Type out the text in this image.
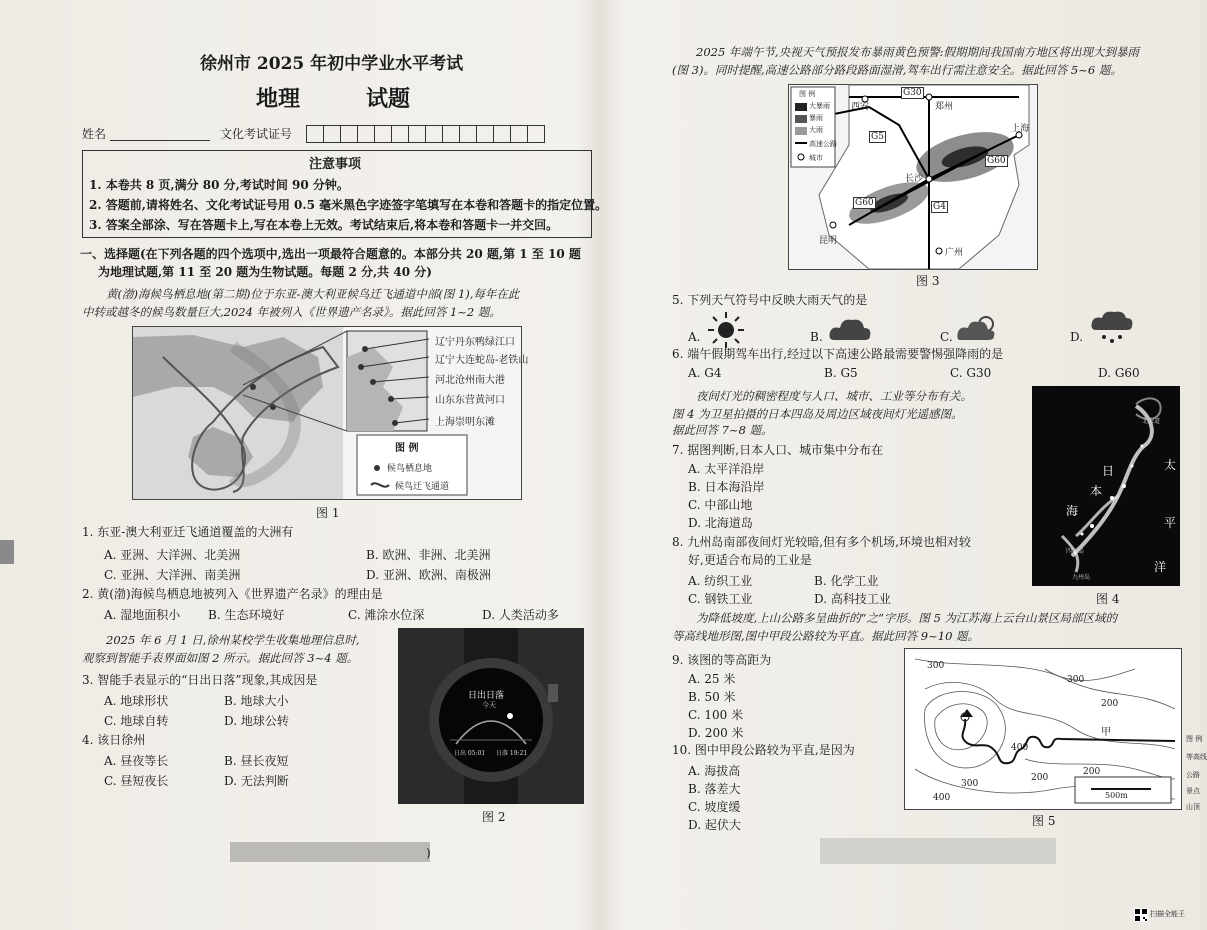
徐州市 2025 年初中学业水平考试
地理	试题
姓名	文化考试证号
注意事项
1. 本卷共 8 页,满分 80 分,考试时间 90 分钟。
2. 答题前,请将姓名、文化考试证号用 0.5 毫米黑色字迹签字笔填写在本卷和答题卡的指定位置。
3. 答案全部涂、写在答题卡上,写在本卷上无效。考试结束后,将本卷和答题卡一并交回。
一、选择题(在下列各题的四个选项中,选出一项最符合题意的。本部分共 20 题,第 1 至 10 题
为地理试题,第 11 至 20 题为生物试题。每题 2 分,共 40 分)
黄(渤)海候鸟栖息地(第二期)位于东亚-澳大利亚候鸟迁飞通道中部(图 1),每年在此
中转或越冬的候鸟数量巨大,2024 年被列入《世界遗产名录》。据此回答 1~2 题。
辽宁丹东鸭绿江口
辽宁大连蛇岛-老铁山
河北沧州南大港
山东东营黄河口
上海崇明东滩
图 例
候鸟栖息地
候鸟迁飞通道
图 1
1. 东亚-澳大利亚迁飞通道覆盖的大洲有
A. 亚洲、大洋洲、北美洲	B. 欧洲、非洲、北美洲
C. 亚洲、大洋洲、南美洲	D. 亚洲、欧洲、南极洲
2. 黄(渤)海候鸟栖息地被列入《世界遗产名录》的理由是
A. 湿地面积小 B. 生态环境好	C. 滩涂水位深	D. 人类活动多
2025 年 6 月 1 日,徐州某校学生收集地理信息时,
观察到智能手表界面如图 2 所示。据此回答 3~4 题。
日出日落
今天
日出 05:01 日落 19:21
图 2
3. 智能手表显示的“日出日落”现象,其成因是
A. 地球形状	B. 地球大小
C. 地球自转	D. 地球公转
4. 该日徐州
A. 昼夜等长	B. 昼长夜短
C. 昼短夜长	D. 无法判断
)
2025 年端午节,央视天气预报发布暴雨黄色预警:假期期间我国南方地区将出现大到暴雨
(图 3)。同时提醒,高速公路部分路段路面湿滑,驾车出行需注意安全。据此回答 5~6 题。
图 例
大暴雨
暴雨
大雨
高速公路
城市
西安	郑州
上海
长沙
昆明
广州
G30
G5
G60
G4
G60
图 3
5. 下列天气符号中反映大雨天气的是
A.	B.	C.	D.
6. 端午假期驾车出行,经过以下高速公路最需要警惕强降雨的是
A. G4	B. G5	C. G30	D. G60
夜间灯光的稠密程度与人口、城市、工业等分布有关。
图 4 为卫星拍摄的日本四岛及周边区域夜间灯光遥感图。
据此回答 7~8 题。
日
本
海
太
平
洋
北海道
四国岛
九州岛
图 4
7. 据图判断,日本人口、城市集中分布在
A. 太平洋沿岸
B. 日本海沿岸
C. 中部山地
D. 北海道岛
8. 九州岛南部夜间灯光较暗,但有多个机场,环境也相对较
好,更适合布局的工业是
A. 纺织工业	B. 化学工业
C. 钢铁工业	D. 高科技工业
为降低坡度,上山公路多呈曲折的“之”字形。图 5 为江苏海上云台山景区局部区域的
等高线地形图,图中甲段公路较为平直。据此回答 9~10 题。
300
300
200
200
200
300
400
400
甲
500m
图 例
等高线
公路
景点
山顶
图 5
9. 该图的等高距为
A. 25 米
B. 50 米
C. 100 米
D. 200 米
10. 图中甲段公路较为平直,是因为
A. 海拔高
B. 落差大
C. 坡度缓
D. 起伏大
扫描全能王
